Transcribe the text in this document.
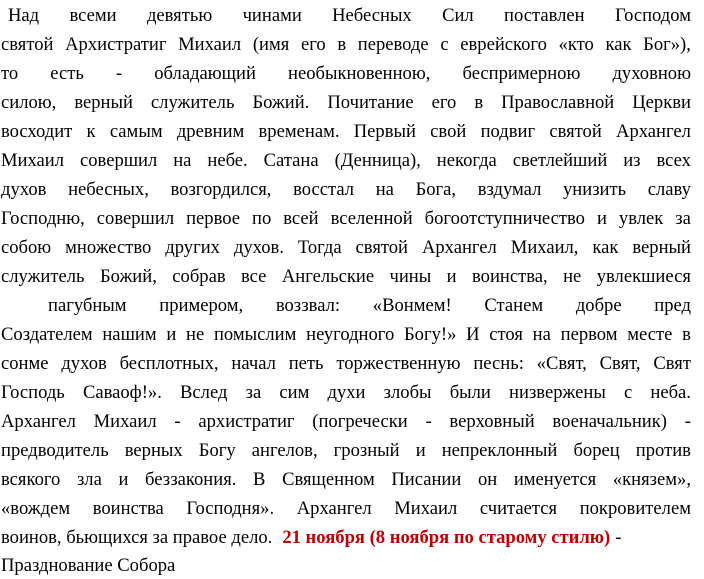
Над всеми девятью чинами Небесных Сил поставлен Господом
святой Архистратиг Михаил (имя его в переводе с еврейского «кто как Бог»),
то есть - обладающий необыкновенною, беспримерною духовною
силою, верный служитель Божий. Почитание его в Православной Церкви
восходит к самым древним временам. Первый свой подвиг святой Архангел
Михаил совершил на небе. Сатана (Денница), некогда светлейший из всех
духов небесных, возгордился, восстал на Бога, вздумал унизить славу
Господню, совершил первое по всей вселенной богоотступничество и увлек за
собою множество других духов. Тогда святой Архангел Михаил, как верный
служитель Божий, собрав все Ангельские чины и воинства, не увлекшиеся
пагубным примером, воззвал: «Вонмем! Станем добре пред
Создателем нашим и не помыслим неугодного Богу!» И стоя на первом месте в
сонме духов бесплотных, начал петь торжественную песнь: «Свят, Свят, Свят
Господь Саваоф!». Вслед за сим духи злобы были низвержены с неба.
Архангел Михаил - архистратиг (погречески - верховный военачальник) -
предводитель верных Богу ангелов, грозный и непреклонный борец против
всякого зла и беззакония. В Священном Писании он именуется «князем»,
«вождем воинства Господня». Архангел Михаил считается покровителем
воинов, бьющихся за правое дело. 21 ноября (8 ноября по старому стилю) -
Празднование Собора
